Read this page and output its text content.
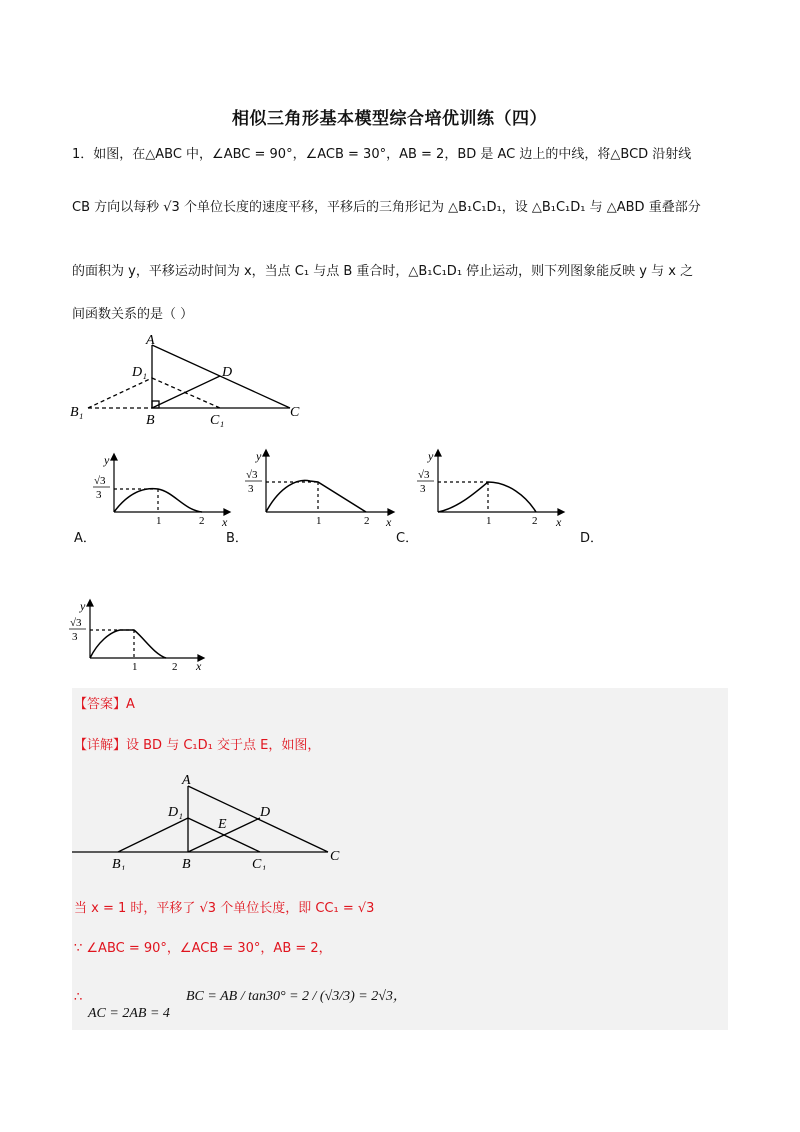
相似三角形基本模型综合培优训练（四）
1．如图，在△ABC 中，∠ABC = 90°，∠ACB = 30°，AB = 2，BD 是 AC 边上的中线，将△BCD 沿射线
CB 方向以每秒 √3 个单位长度的速度平移，平移后的三角形记为 △B₁C₁D₁，设 △B₁C₁D₁ 与 △ABD 重叠部分
的面积为 y，平移运动时间为 x，当点 C₁ 与点 B 重合时，△B₁C₁D₁ 停止运动，则下列图象能反映 y 与 x 之
间函数关系的是（ ）
A
D₁	D
B₁
B	C₁
C
y
√3
3
1	2 x
y
√3
3
1	2 x
y
√3
3
1	2 x
A．	B．	C．	D．
y
√3
3
1	2 x
【答案】A
【详解】设 BD 与 C₁D₁ 交于点 E，如图，
A
D₁	D
E
B₁	B	C₁
C
当 x = 1 时，平移了 √3 个单位长度，即 CC₁ = √3
∵ ∠ABC = 90°，∠ACB = 30°，AB = 2，
∴	BC = AB / tan30° = 2 / (√3/3) = 2√3，
AC = 2AB = 4
